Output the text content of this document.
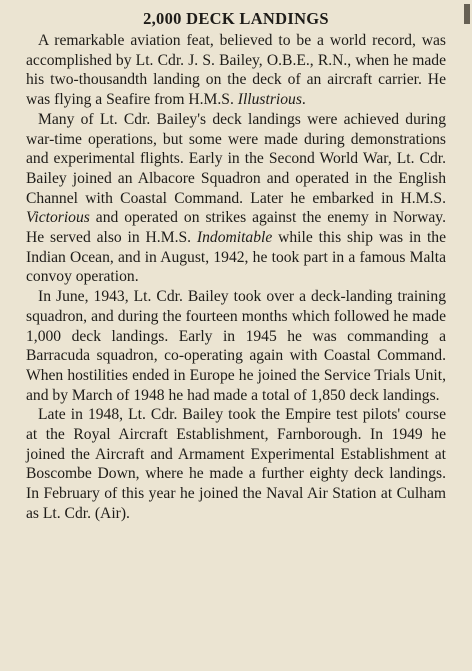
2,000 DECK LANDINGS

A remarkable aviation feat, believed to be a world record, was accomplished by Lt. Cdr. J. S. Bailey, O.B.E., R.N., when he made his two-thousandth landing on the deck of an aircraft carrier. He was flying a Seafire from H.M.S. Illustrious.

Many of Lt. Cdr. Bailey's deck landings were achieved during war-time operations, but some were made during demonstrations and experimental flights. Early in the Second World War, Lt. Cdr. Bailey joined an Albacore Squadron and operated in the English Channel with Coastal Command. Later he embarked in H.M.S. Victorious and operated on strikes against the enemy in Norway. He served also in H.M.S. Indomitable while this ship was in the Indian Ocean, and in August, 1942, he took part in a famous Malta convoy operation.

In June, 1943, Lt. Cdr. Bailey took over a deck-landing training squadron, and during the fourteen months which followed he made 1,000 deck landings. Early in 1945 he was commanding a Barracuda squadron, co-operating again with Coastal Command. When hostilities ended in Europe he joined the Service Trials Unit, and by March of 1948 he had made a total of 1,850 deck landings.

Late in 1948, Lt. Cdr. Bailey took the Empire test pilots' course at the Royal Aircraft Establishment, Farnborough. In 1949 he joined the Aircraft and Armament Experimental Establishment at Boscombe Down, where he made a further eighty deck landings. In February of this year he joined the Naval Air Station at Culham as Lt. Cdr. (Air).
